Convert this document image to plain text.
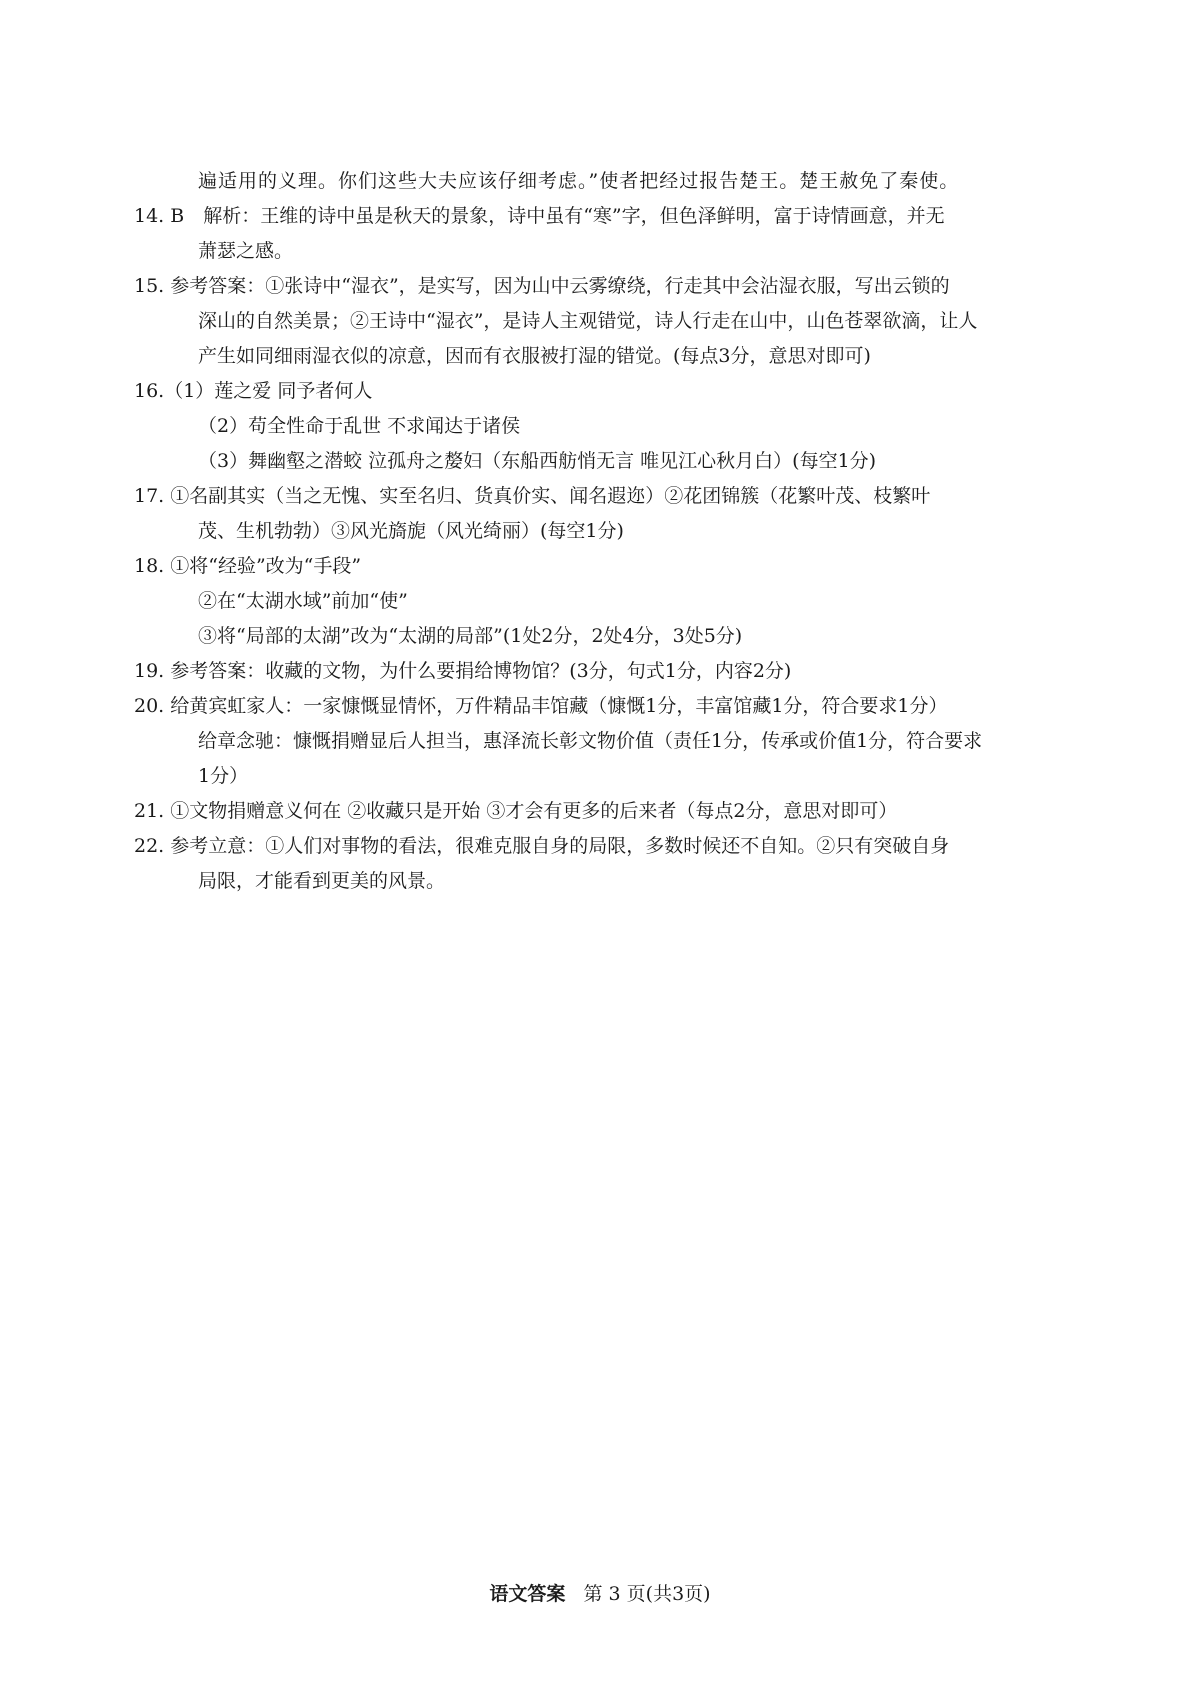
遍适用的义理。你们这些大夫应该仔细考虑。”使者把经过报告楚王。楚王赦免了秦使。
14. B　解析：王维的诗中虽是秋天的景象，诗中虽有“寒”字，但色泽鲜明，富于诗情画意，并无
萧瑟之感。
15. 参考答案：①张诗中“湿衣”，是实写，因为山中云雾缭绕，行走其中会沾湿衣服，写出云锁的
深山的自然美景；②王诗中“湿衣”，是诗人主观错觉，诗人行走在山中，山色苍翠欲滴，让人
产生如同细雨湿衣似的凉意，因而有衣服被打湿的错觉。(每点3分，意思对即可)
16.（1）莲之爱 同予者何人
（2）苟全性命于乱世 不求闻达于诸侯
（3）舞幽壑之潜蛟 泣孤舟之嫠妇（东船西舫悄无言 唯见江心秋月白）(每空1分)
17. ①名副其实（当之无愧、实至名归、货真价实、闻名遐迩）②花团锦簇（花繁叶茂、枝繁叶
茂、生机勃勃）③风光旖旎（风光绮丽）(每空1分)
18. ①将“经验”改为“手段”
②在“太湖水域”前加“使”
③将“局部的太湖”改为“太湖的局部”(1处2分，2处4分，3处5分)
19. 参考答案：收藏的文物，为什么要捐给博物馆？(3分，句式1分，内容2分)
20. 给黄宾虹家人：一家慷慨显情怀，万件精品丰馆藏（慷慨1分，丰富馆藏1分，符合要求1分）
给章念驰：慷慨捐赠显后人担当，惠泽流长彰文物价值（责任1分，传承或价值1分，符合要求
1分）
21. ①文物捐赠意义何在 ②收藏只是开始 ③才会有更多的后来者（每点2分，意思对即可）
22. 参考立意：①人们对事物的看法，很难克服自身的局限，多数时候还不自知。②只有突破自身
局限，才能看到更美的风景。
语文答案 第 3 页(共3页)
